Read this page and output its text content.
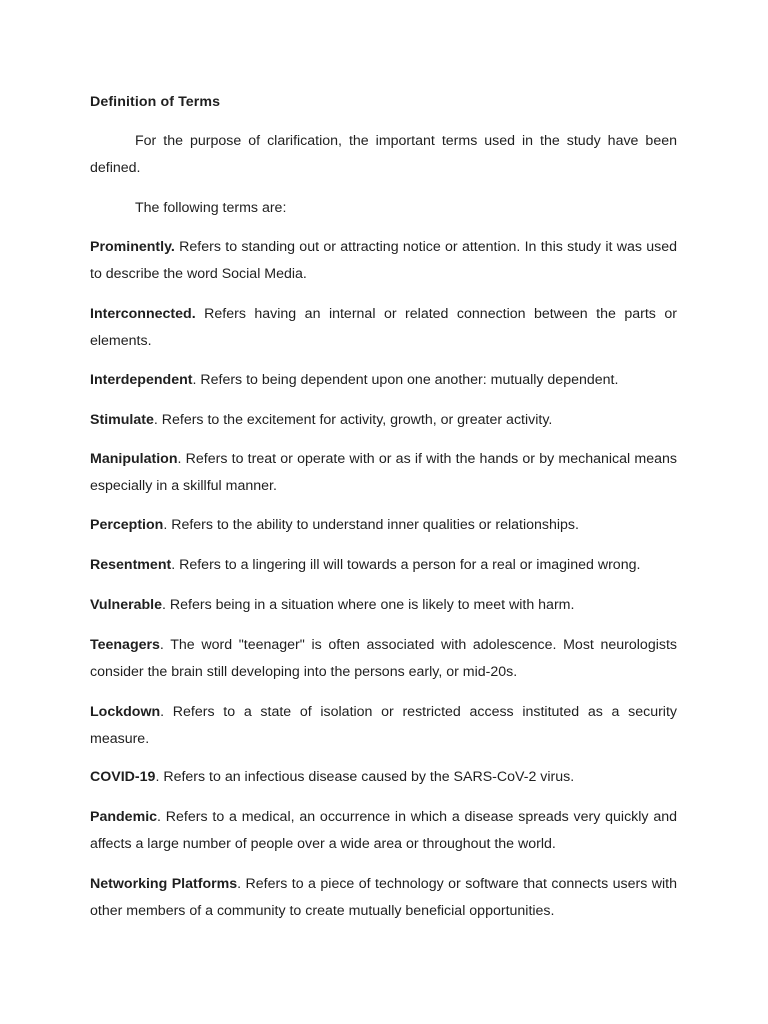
Definition of Terms
For the purpose of clarification, the important terms used in the study have been defined.
The following terms are:
Prominently. Refers to standing out or attracting notice or attention. In this study it was used to describe the word Social Media.
Interconnected. Refers having an internal or related connection between the parts or elements.
Interdependent. Refers to being dependent upon one another: mutually dependent.
Stimulate. Refers to the excitement for activity, growth, or greater activity.
Manipulation. Refers to treat or operate with or as if with the hands or by mechanical means especially in a skillful manner.
Perception. Refers to the ability to understand inner qualities or relationships.
Resentment. Refers to a lingering ill will towards a person for a real or imagined wrong.
Vulnerable. Refers being in a situation where one is likely to meet with harm.
Teenagers. The word "teenager" is often associated with adolescence. Most neurologists consider the brain still developing into the persons early, or mid-20s.
Lockdown. Refers to a state of isolation or restricted access instituted as a security measure.
COVID-19. Refers to an infectious disease caused by the SARS-CoV-2 virus.
Pandemic. Refers to a medical, an occurrence in which a disease spreads very quickly and affects a large number of people over a wide area or throughout the world.
Networking Platforms. Refers to a piece of technology or software that connects users with other members of a community to create mutually beneficial opportunities.
